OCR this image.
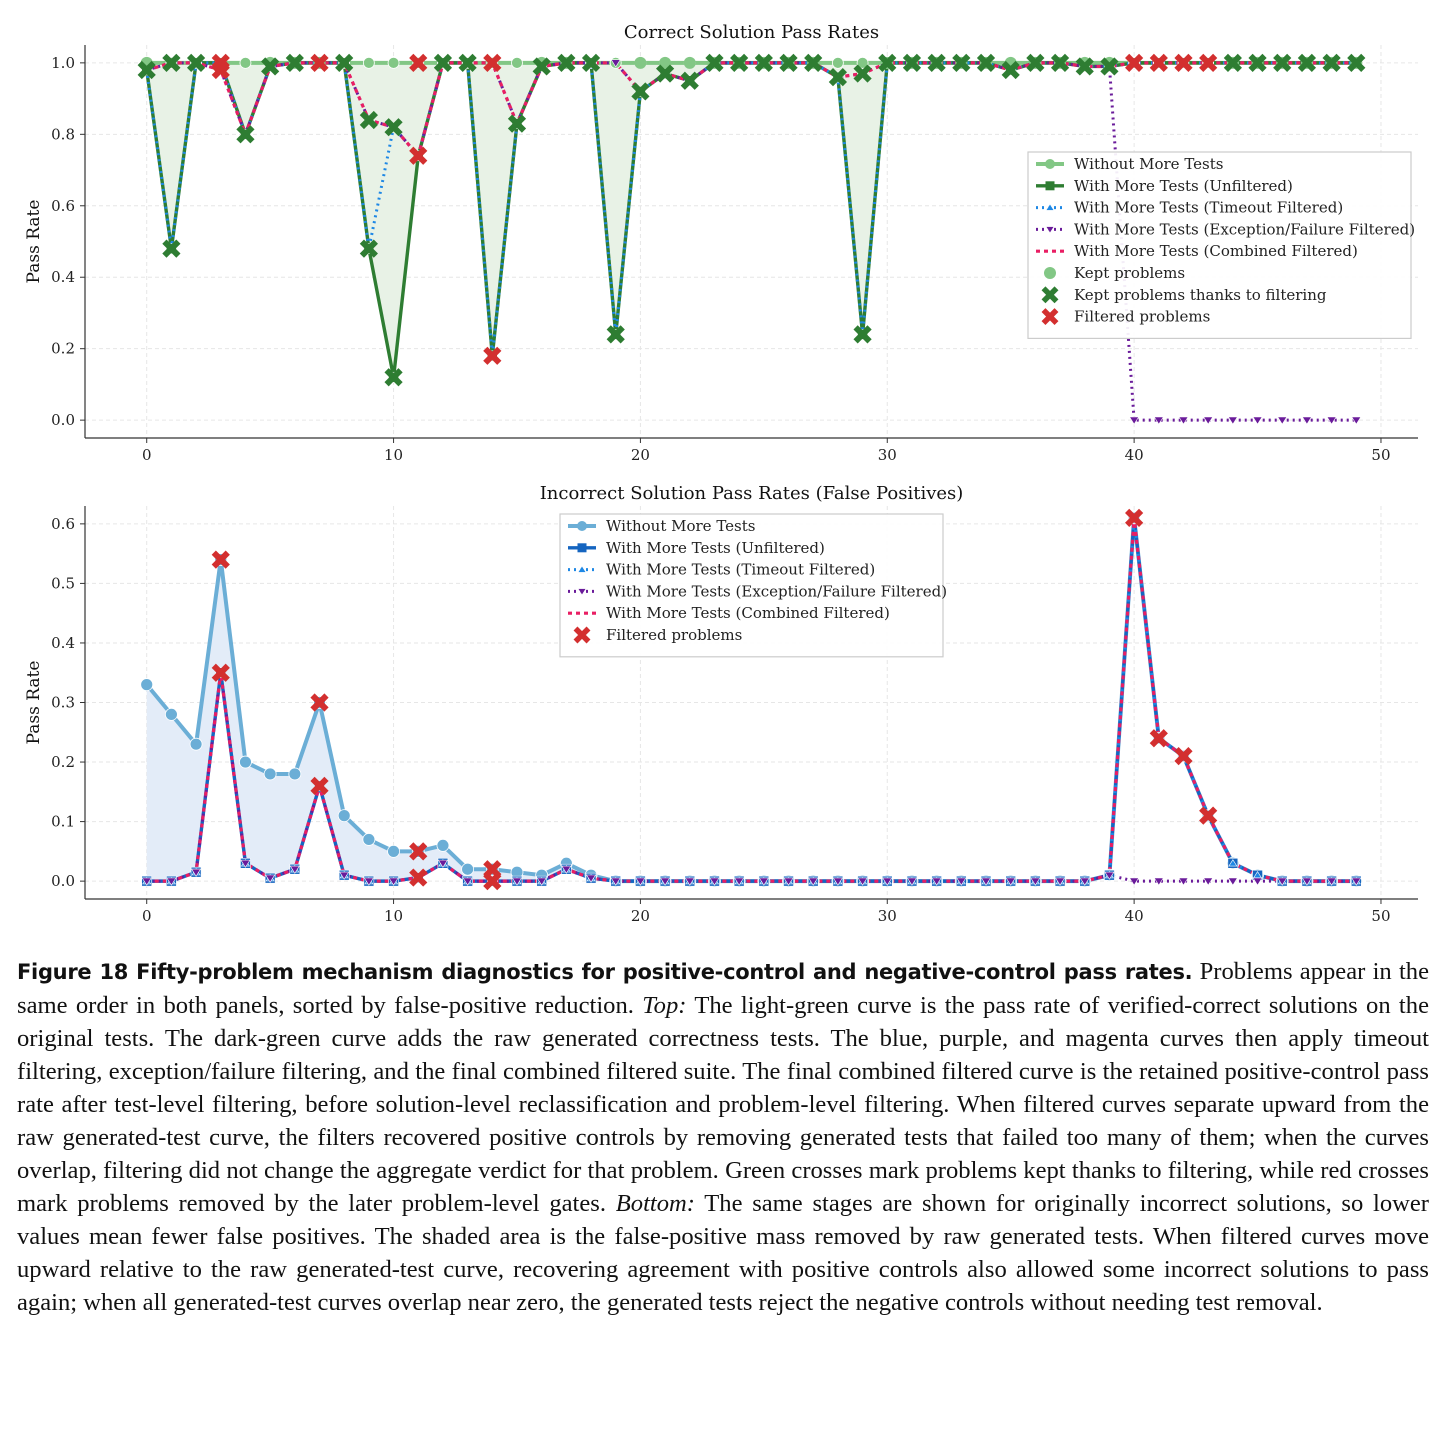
0	10	20	30	40	50
0.0
0.2
0.4
0.6
0.8
1.0
Correct Solution Pass Rates
Pass Rate
Without More Tests
With More Tests (Unfiltered)
With More Tests (Timeout Filtered)
With More Tests (Exception/Failure Filtered)
With More Tests (Combined Filtered)
Kept problems
Kept problems thanks to filtering
Filtered problems
0	10	20	30	40	50
0.0
0.1
0.2
0.3
0.4
0.5
0.6
Incorrect Solution Pass Rates (False Positives)
Pass Rate
Without More Tests
With More Tests (Unfiltered)
With More Tests (Timeout Filtered)
With More Tests (Exception/Failure Filtered)
With More Tests (Combined Filtered)
Filtered problems
Figure 18 Fifty-problem mechanism diagnostics for positive-control and negative-control pass rates. Problems appear in the same order in both panels, sorted by false-positive reduction. Top: The light-green curve is the pass rate of verified-correct solutions on the original tests. The dark-green curve adds the raw generated correctness tests. The blue, purple, and magenta curves then apply timeout filtering, exception/failure filtering, and the final combined filtered suite. The final combined filtered curve is the retained positive-control pass rate after test-level filtering, before solution-level reclassification and problem-level filtering. When filtered curves separate upward from the raw generated-test curve, the filters recovered positive controls by removing generated tests that failed too many of them; when the curves overlap, filtering did not change the aggregate verdict for that problem. Green crosses mark problems kept thanks to filtering, while red crosses mark problems removed by the later problem-level gates. Bottom: The same stages are shown for originally incorrect solutions, so lower values mean fewer false positives. The shaded area is the false-positive mass removed by raw generated tests. When filtered curves move upward relative to the raw generated-test curve, recovering agreement with positive controls also allowed some incorrect solutions to pass again; when all generated-test curves overlap near zero, the generated tests reject the negative controls without needing test removal.
